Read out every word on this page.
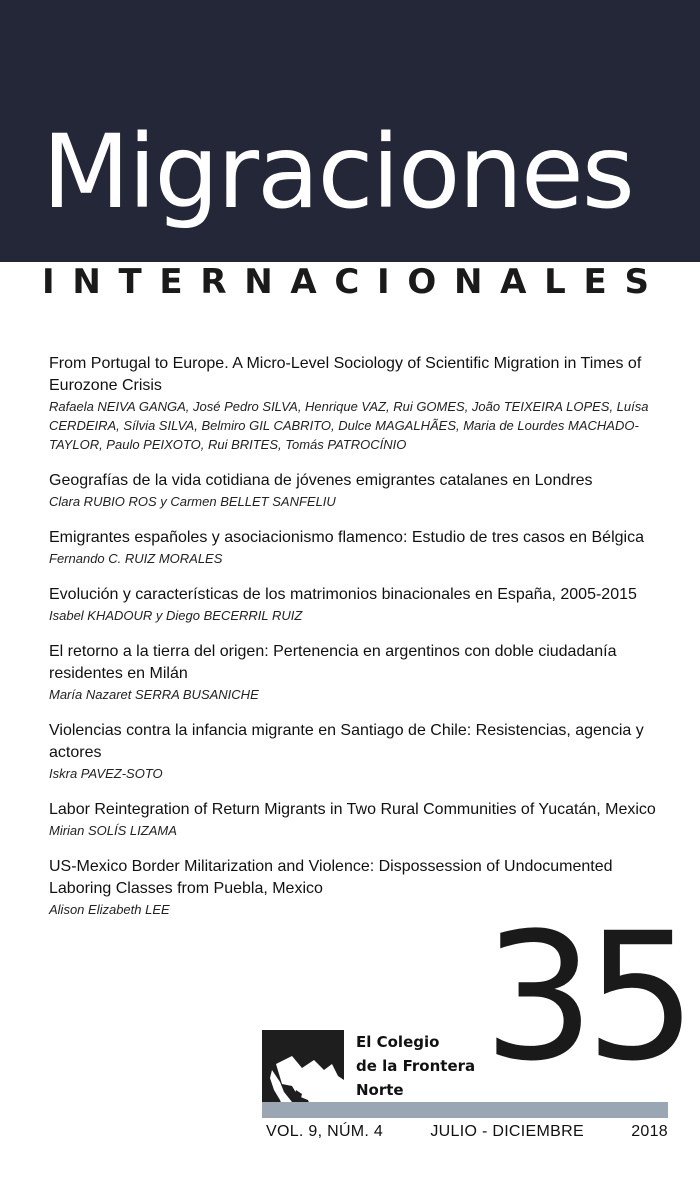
Migraciones
INTERNACIONALES

From Portugal to Europe. A Micro-Level Sociology of Scientific Migration in Times of Eurozone Crisis

Rafaela NEIVA GANGA, José Pedro SILVA, Henrique VAZ, Rui GOMES, João TEIXEIRA LOPES, Luísa CERDEIRA, Sílvia SILVA, Belmiro GIL CABRITO, Dulce MAGALHÃES, Maria de Lourdes MACHADO-TAYLOR, Paulo PEIXOTO, Rui BRITES, Tomás PATROCÍNIO

Geografías de la vida cotidiana de jóvenes emigrantes catalanes en Londres

Clara RUBIO ROS y Carmen BELLET SANFELIU

Emigrantes españoles y asociacionismo flamenco: Estudio de tres casos en Bélgica

Fernando C. RUIZ MORALES

Evolución y características de los matrimonios binacionales en España, 2005-2015

Isabel KHADOUR y Diego BECERRIL RUIZ

El retorno a la tierra del origen: Pertenencia en argentinos con doble ciudadanía residentes en Milán

María Nazaret SERRA BUSANICHE

Violencias contra la infancia migrante en Santiago de Chile: Resistencias, agencia y actores

Iskra PAVEZ-SOTO

Labor Reintegration of Return Migrants in Two Rural Communities of Yucatán, Mexico

Mirian SOLÍS LIZAMA

US-Mexico Border Militarization and Violence: Dispossession of Undocumented Laboring Classes from Puebla, Mexico

Alison Elizabeth LEE	35
El Colegio
de la Frontera
Norte
VOL. 9, NÚM. 4	JULIO - DICIEMBRE	2018
